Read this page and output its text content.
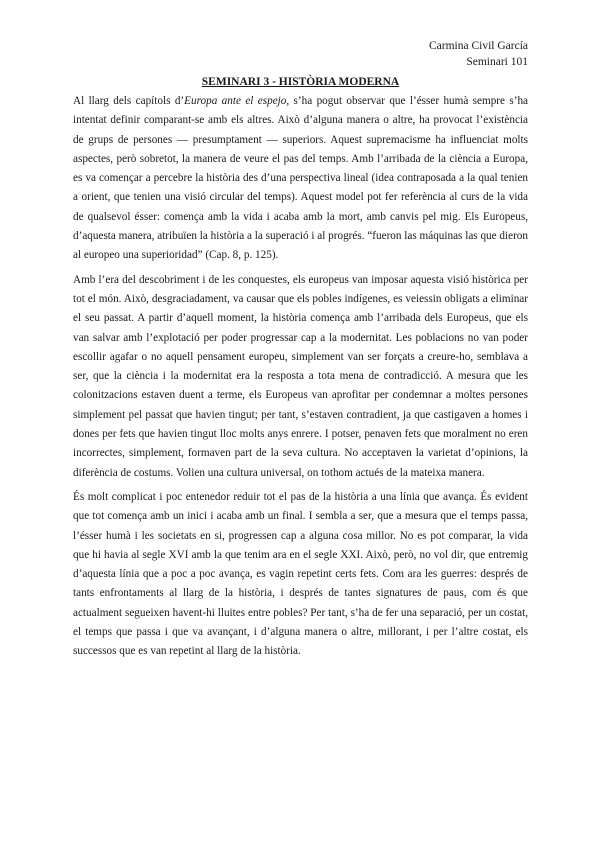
Carmina Civil García
Seminari 101
SEMINARI 3 - HISTÒRIA MODERNA

Al llarg dels capítols d’Europa ante el espejo, s’ha pogut observar que l’ésser humà sempre s’ha intentat definir comparant-se amb els altres. Això d’alguna manera o altre, ha provocat l’existència de grups de persones — presumptament — superiors. Aquest supremacisme ha influenciat molts aspectes, però sobretot, la manera de veure el pas del temps. Amb l’arribada de la ciència a Europa, es va començar a percebre la història des d’una perspectiva lineal (idea contraposada a la qual tenien a orient, que tenien una visió circular del temps). Aquest model pot fer referència al curs de la vida de qualsevol ésser: comença amb la vida i acaba amb la mort, amb canvis pel mig. Els Europeus, d’aquesta manera, atribuïen la història a la superació i al progrés. “fueron las máquinas las que dieron al europeo una superioridad” (Cap. 8, p. 125).

Amb l’era del descobriment i de les conquestes, els europeus van imposar aquesta visió històrica per tot el món. Això, desgraciadament, va causar que els pobles indígenes, es veiessin obligats a eliminar el seu passat. A partir d’aquell moment, la història comença amb l’arribada dels Europeus, que els van salvar amb l’explotació per poder progressar cap a la modernitat. Les poblacions no van poder escollir agafar o no aquell pensament europeu, simplement van ser forçats a creure-ho, semblava a ser, que la ciència i la modernitat era la resposta a tota mena de contradicció. A mesura que les colonitzacions estaven duent a terme, els Europeus van aprofitar per condemnar a moltes persones simplement pel passat que havien tingut; per tant, s’estaven contradient, ja que castigaven a homes i dones per fets que havien tingut lloc molts anys enrere. I potser, penaven fets que moralment no eren incorrectes, simplement, formaven part de la seva cultura. No acceptaven la varietat d’opinions, la diferència de costums. Volien una cultura universal, on tothom actués de la mateixa manera.

És molt complicat i poc entenedor reduir tot el pas de la història a una línia que avança. És evident que tot comença amb un inici i acaba amb un final. I sembla a ser, que a mesura que el temps passa, l’ésser humà i les societats en si, progressen cap a alguna cosa millor. No es pot comparar, la vida que hi havia al segle XVI amb la que tenim ara en el segle XXI. Això, però, no vol dir, que entremig d’aquesta línia que a poc a poc avança, es vagin repetint certs fets. Com ara les guerres: després de tants enfrontaments al llarg de la història, i després de tantes signatures de paus, com és que actualment segueixen havent-hi lluites entre pobles? Per tant, s’ha de fer una separació, per un costat, el temps que passa i que va avançant, i d’alguna manera o altre, millorant, i per l’altre costat, els successos que es van repetint al llarg de la història.
